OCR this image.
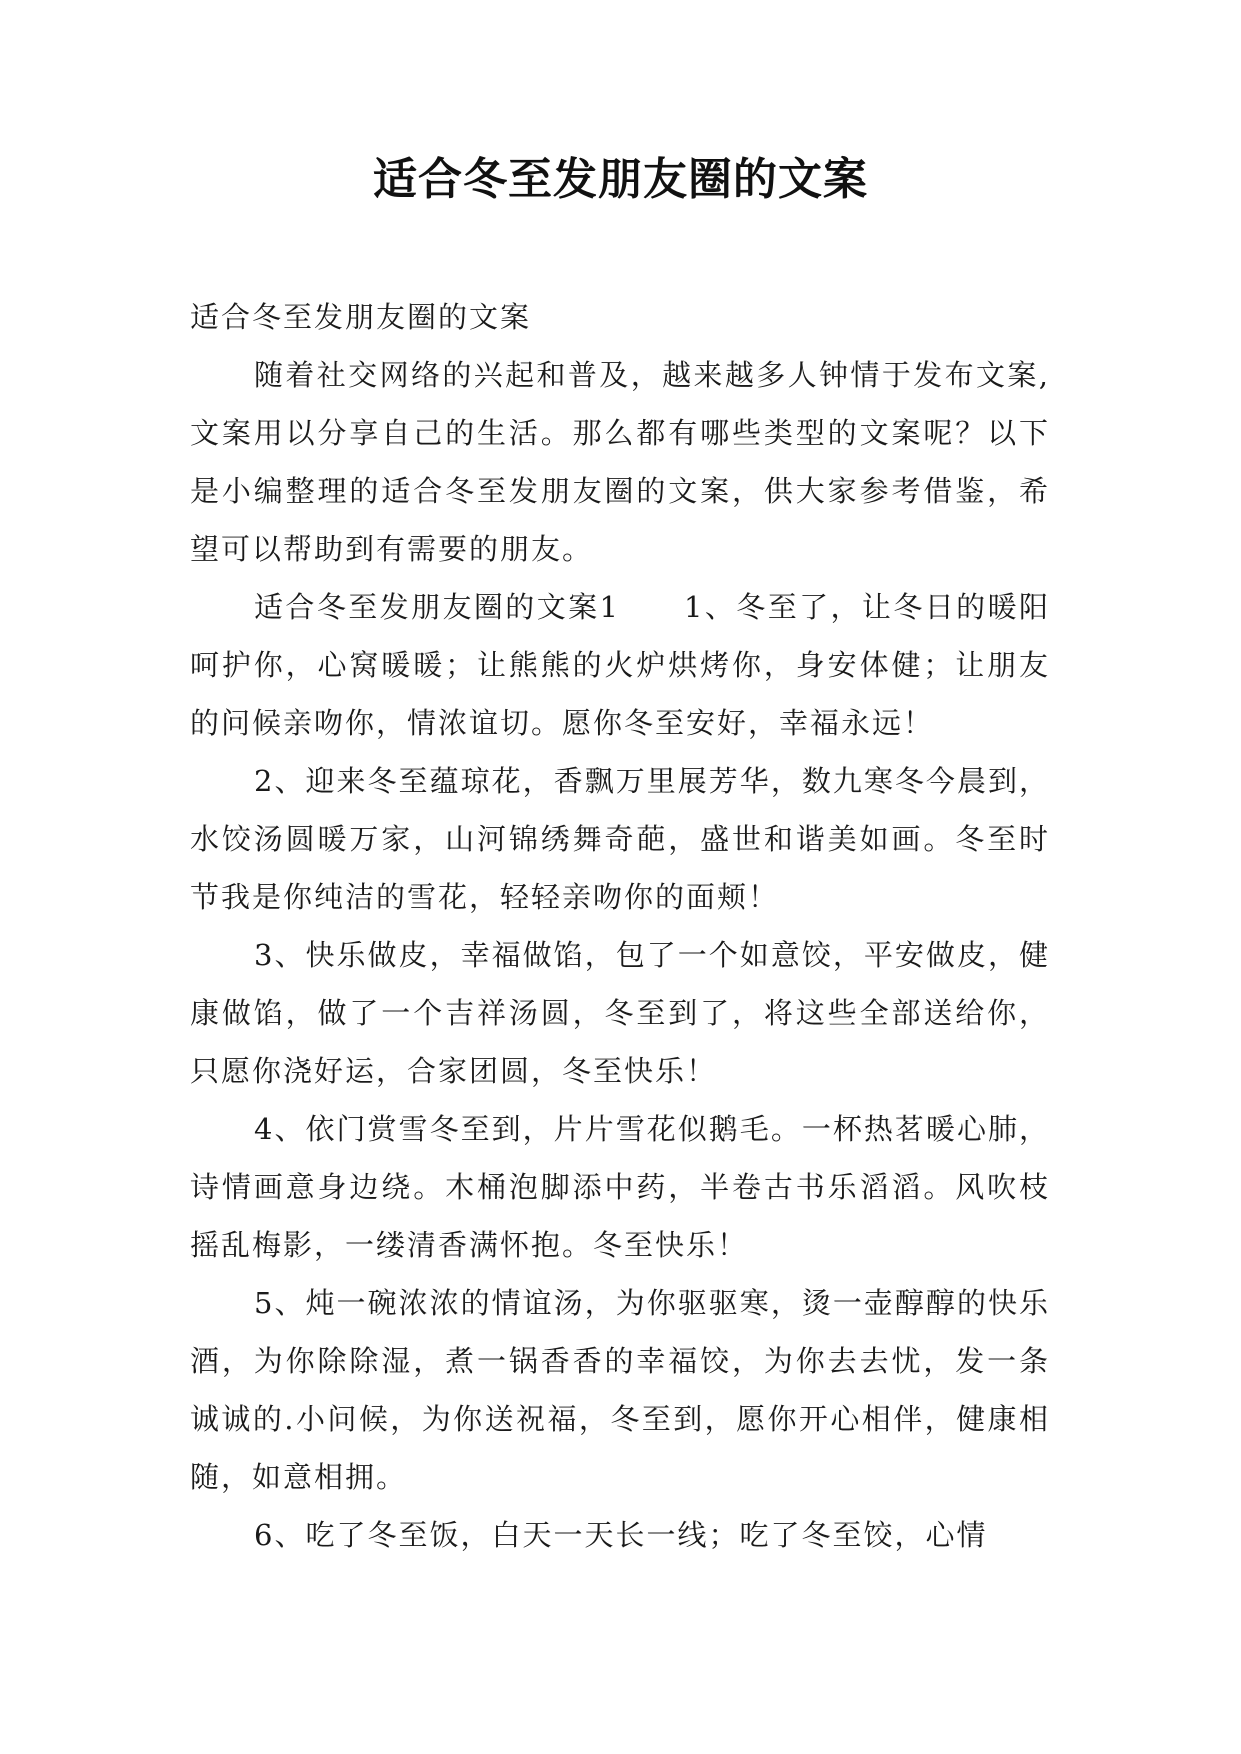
适合冬至发朋友圈的文案

适合冬至发朋友圈的文案

随着社交网络的兴起和普及，越来越多人钟情于发布文案,文案用以分享自己的生活。那么都有哪些类型的文案呢？以下是小编整理的适合冬至发朋友圈的文案，供大家参考借鉴，希望可以帮助到有需要的朋友。

适合冬至发朋友圈的文案1 1、冬至了，让冬日的暖阳呵护你，心窝暖暖；让熊熊的火炉烘烤你，身安体健；让朋友的问候亲吻你，情浓谊切。愿你冬至安好，幸福永远！

2、迎来冬至蕴琼花，香飘万里展芳华，数九寒冬今晨到，水饺汤圆暖万家，山河锦绣舞奇葩，盛世和谐美如画。冬至时节我是你纯洁的雪花，轻轻亲吻你的面颊！

3、快乐做皮，幸福做馅，包了一个如意饺，平安做皮，健康做馅，做了一个吉祥汤圆，冬至到了，将这些全部送给你，只愿你浇好运，合家团圆，冬至快乐！

4、依门赏雪冬至到，片片雪花似鹅毛。一杯热茗暖心肺，诗情画意身边绕。木桶泡脚添中药，半卷古书乐滔滔。风吹枝摇乱梅影，一缕清香满怀抱。冬至快乐！

5、炖一碗浓浓的情谊汤，为你驱驱寒，烫一壶醇醇的快乐酒，为你除除湿，煮一锅香香的幸福饺，为你去去忧，发一条诚诚的.小问候，为你送祝福，冬至到，愿你开心相伴，健康相随，如意相拥。

6、吃了冬至饭，白天一天长一线；吃了冬至饺，心情
